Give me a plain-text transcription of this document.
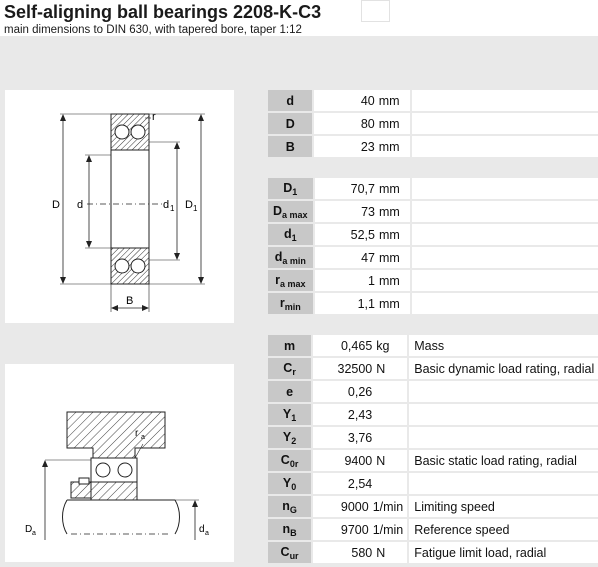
Self-aligning ball bearings 2208-K-C3
main dimensions to DIN 630, with tapered bore, taper 1:12
D d	d 1 D 1
B
r
r a
D a	d a
d	40 mm	
D	80 mm	
B	23 mm	
$D_1$	70,7 mm	
$D_{a max}$	73 mm	
$d_1$	52,5 mm	
$d_{a min}$	47 mm	
$r_{a max}$	1 mm	
$r_{min}$	1,1 mm	
m	0,465 kg	Mass
$C_r$	32500 N	Basic dynamic load rating, radial
e	0,26	
$Y_1$	2,43	
$Y_2$	3,76	
$C_{0r}$	9400 N	Basic static load rating, radial
$Y_0$	2,54	
$n_G$	9000 1/min	Limiting speed
$n_B$	9700 1/min	Reference speed
$C_{ur}$	580 N	Fatigue limit load, radial
